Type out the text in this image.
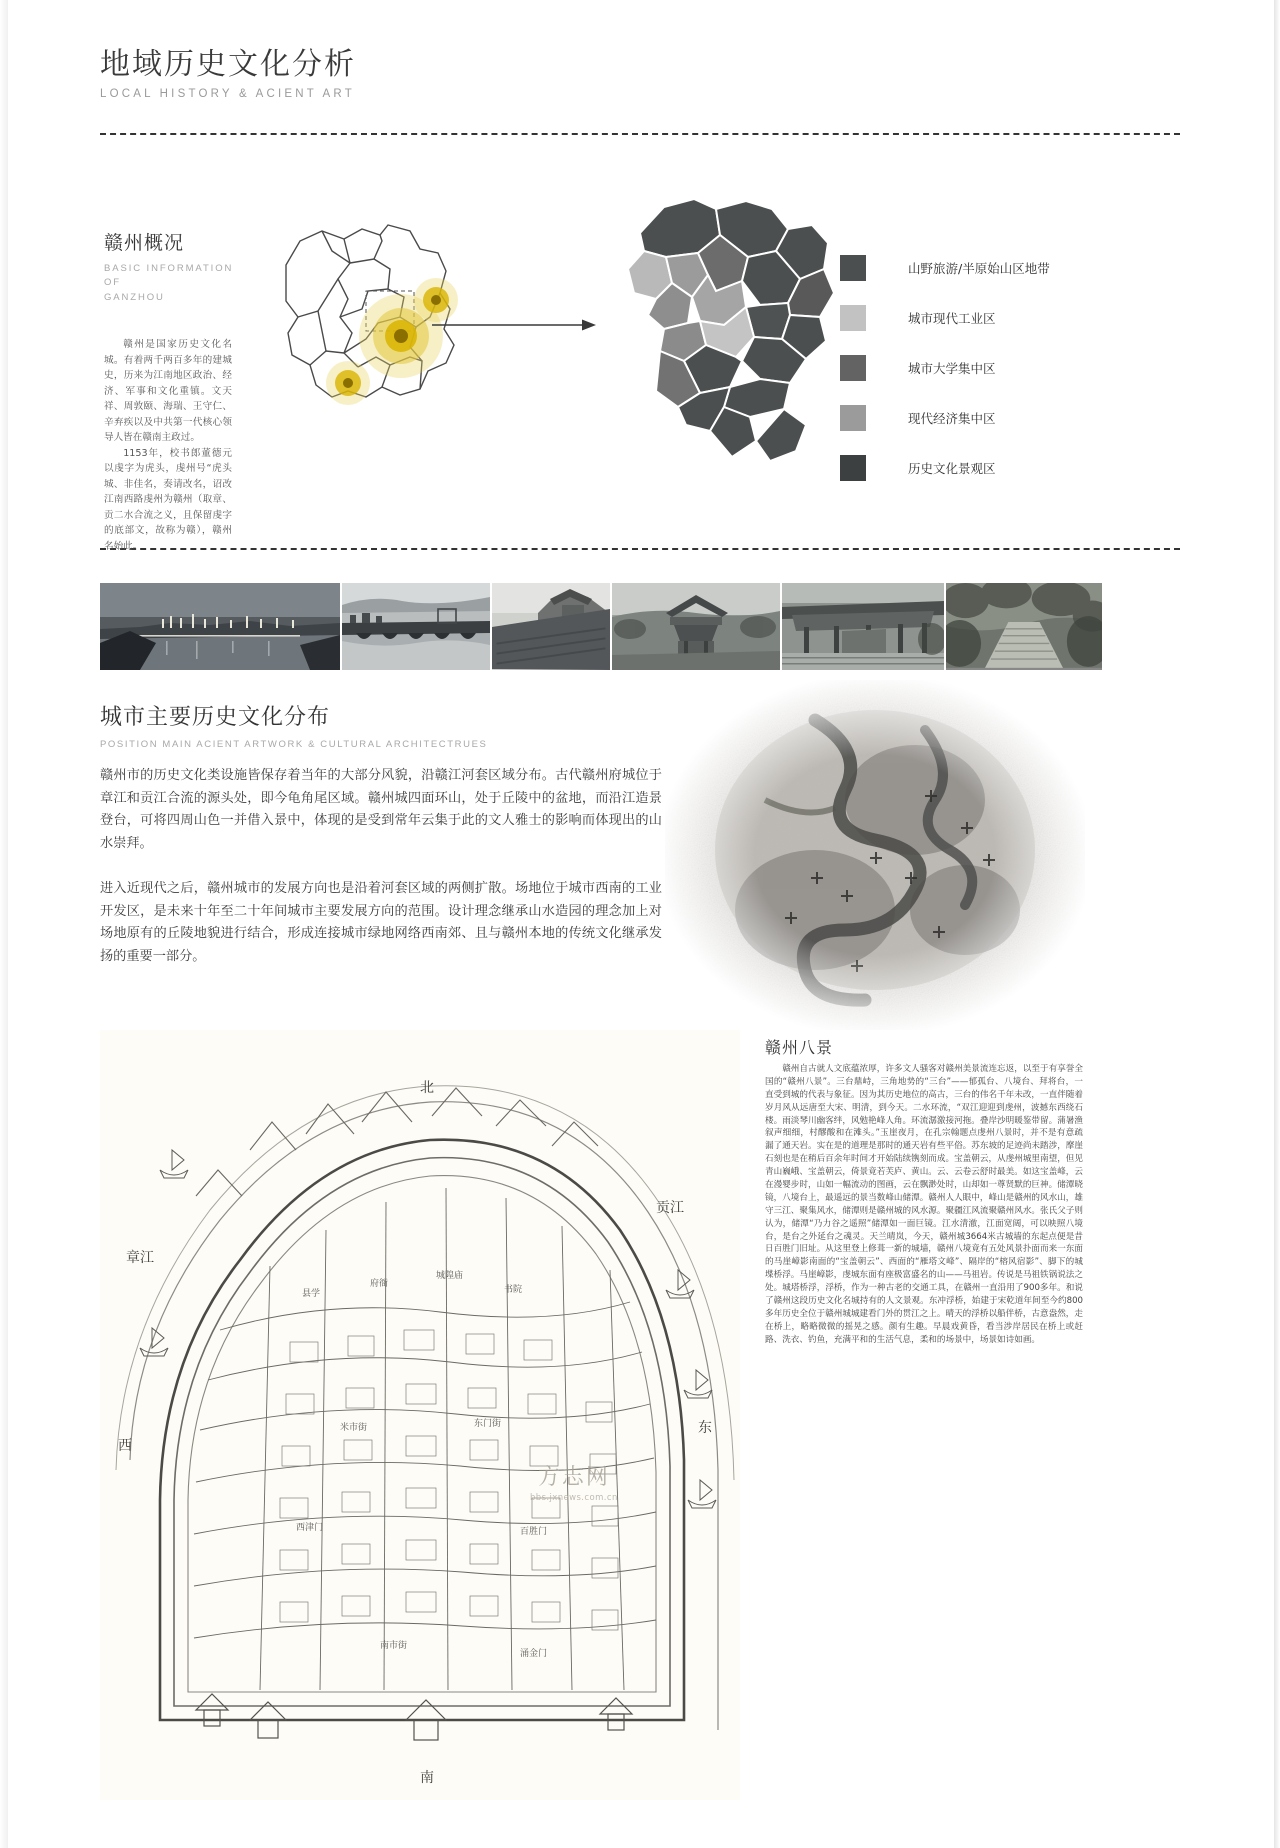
地域历史文化分析
LOCAL HISTORY & ACIENT ART
赣州概况
BASIC INFORMATION OF
GANZHOU

赣州是国家历史文化名城。有着两千两百多年的建城史，历来为江南地区政治、经济、军事和文化重镇。文天祥、周敦颐、海瑞、王守仁、辛弃疾以及中共第一代核心领导人皆在赣南主政过。

1153年，校书郎董德元以虔字为虎头，虔州号“虎头城、非佳名，奏请改名，诏改江南西路虔州为赣州（取章、贡二水合流之义，且保留虔字的底部文，故称为赣），赣州名始此。

山野旅游/半原始山区地带
城市现代工业区
城市大学集中区
现代经济集中区
历史文化景观区
城市主要历史文化分布
POSITION MAIN ACIENT ARTWORK & CULTURAL ARCHITECTRUES

赣州市的历史文化类设施皆保存着当年的大部分风貌，沿赣江河套区域分布。古代赣州府城位于章江和贡江合流的源头处，即今龟角尾区域。赣州城四面环山，处于丘陵中的盆地，而沿江造景登台，可将四周山色一并借入景中，体现的是受到常年云集于此的文人雅士的影响而体现出的山水崇拜。

进入近现代之后，赣州城市的发展方向也是沿着河套区域的两侧扩散。场地位于城市西南的工业开发区，是未来十年至二十年间城市主要发展方向的范围。设计理念继承山水造园的理念加上对场地原有的丘陵地貌进行结合，形成连接城市绿地网络西南郊、且与赣州本地的传统文化继承发扬的重要一部分。

北
南
东
西
贡江
章江
县学
府衙
城隍庙
书院
米市街	东门街
西津门	百胜门
南市街
涌金门
方志网
bbs.jxnews.com.cn
赣州八景

赣州自古就人文底蕴浓厚，许多文人骚客对赣州美景流连忘返，以至于有享誉全国的“赣州八景”。三台鼎峙，三角地势的“三台”——郁孤台、八境台、拜将台，一直受到城的代表与象征。因为其历史地位的高古，三台的伟名千年未改，一直伴随着岁月风从远唐至大宋、明清，到今天。二水环流，“双江迎迎到虔州，波撼东西绕石楼。雨淡琴川幽客绊，风勉艳峰人角。环流潺激接河拖。叠岸沙明暖鉴带留。蒲暑渔叙声细细，村醪酸和在滩头。”玉崖夜月，在孔宗翰题点虔州八景时，并不是有意疏漏了通天岩。实在是的道理是那时的通天岩有些平俗。苏东坡的足迹尚未踏涉，摩崖石刻也是在稍后百余年时间才开始陆续镌刻而成。宝盖朝云，从虔州城里南望，但见青山巍峨、宝盖朝云，倚景竟若芙庐、黄山。云、云卷云舒时最美。如这宝盖峰，云在漫婴步时，山如一幅流动的图画，云在飘渺处时，山却如一尊贤默的巨神。储潭晓镜，八境台上，最遥远的景当数峰山储潭。赣州人人眼中，峰山是赣州的风水山，雄守三江、聚集风水，储潭则是赣州城的风水源。聚疆江风流聚赣州风水。张氏父子则认为，储潭“乃力谷之遥照”储潭如一面巨镜。江水清澈，江面宽阔，可以映照八境台，是台之外延台之魂灵。天兰晴岚，今天，赣州城3664米古城墙的东起点便是昔日百胜门旧址。从这里登上修葺一新的城墙，赣州八境竟有五处风景扑面而来一东面的马崖嶂影南面的“宝盖朝云”、西面的“雁塔文峰”、隔岸的“榕风宿影”、脚下的城堞桥浮。马崖嶂影，虔城东面有座极富盛名的山——马祖岩。传说是马祖铁锅说法之处。城塔桥浮，浮桥，作为一种古老的交通工具，在赣州一直沿用了900多年。和说了赣州这段历史文化名城持有的人文景观。东冲浮桥，始建于宋乾道年间至今约800多年历史全位于赣州城城建看门外的贯江之上。晴天的浮桥以船伴桥，古意盎然，走在桥上，略略微微的摇晃之感。颜有生趣。早晨戏黄昏，看当涉岸居民在桥上或赶路、洗衣、钓鱼，充满平和的生活气息，柔和的场景中，场景如诗如画。
